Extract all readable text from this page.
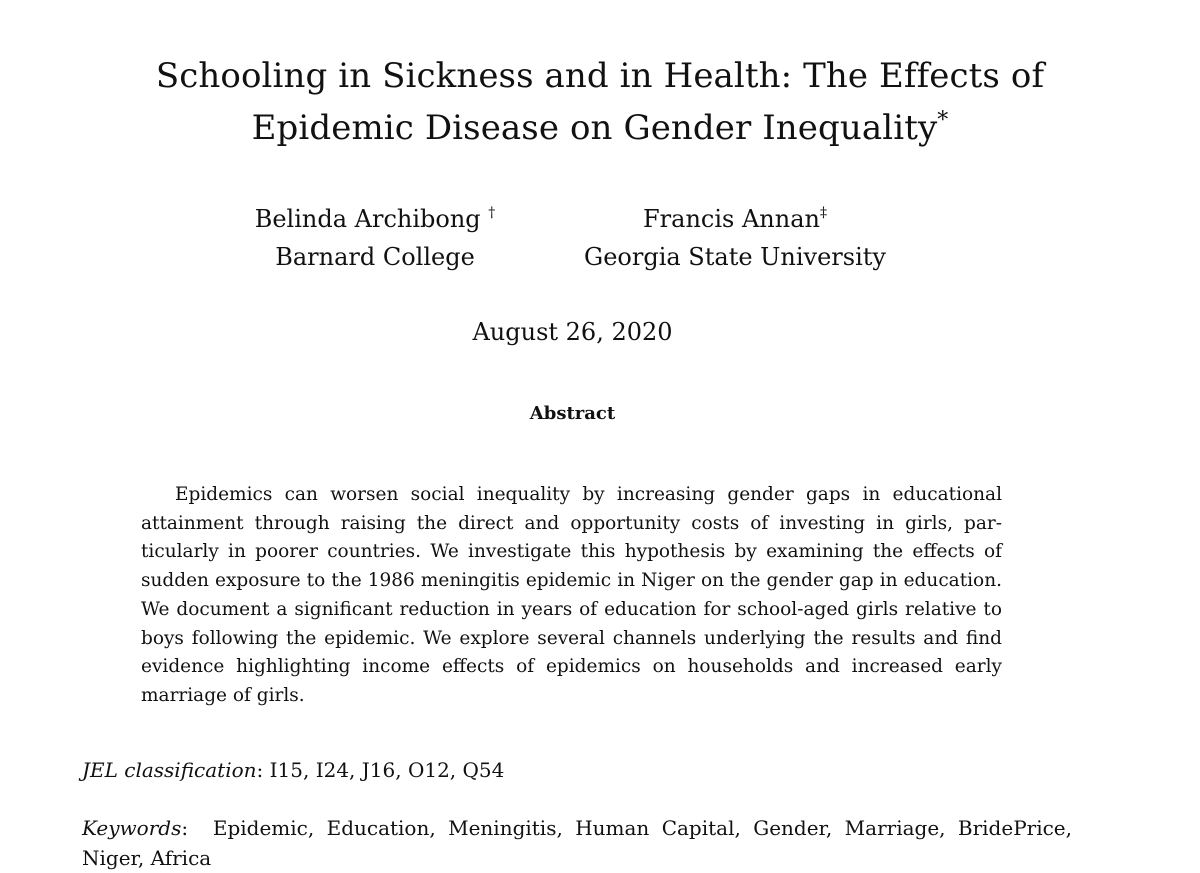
Schooling in Sickness and in Health: The Effects of
Epidemic Disease on Gender Inequality*
Belinda Archibong †
Barnard College
Francis Annan‡
Georgia State University
August 26, 2020
Abstract

Epidemics can worsen social inequality by increasing gender gaps in educational attainment through raising the direct and opportunity costs of investing in girls, particularly in poorer countries. We investigate this hypothesis by examining the effects of sudden exposure to the 1986 meningitis epidemic in Niger on the gender gap in education. We document a significant reduction in years of education for school-aged girls relative to boys following the epidemic. We explore several channels underlying the results and find evidence highlighting income effects of epidemics on households and increased early marriage of girls.

JEL classification: I15, I24, J16, O12, Q54

Keywords:  Epidemic, Education, Meningitis, Human Capital, Gender, Marriage, BridePrice, Niger, Africa
